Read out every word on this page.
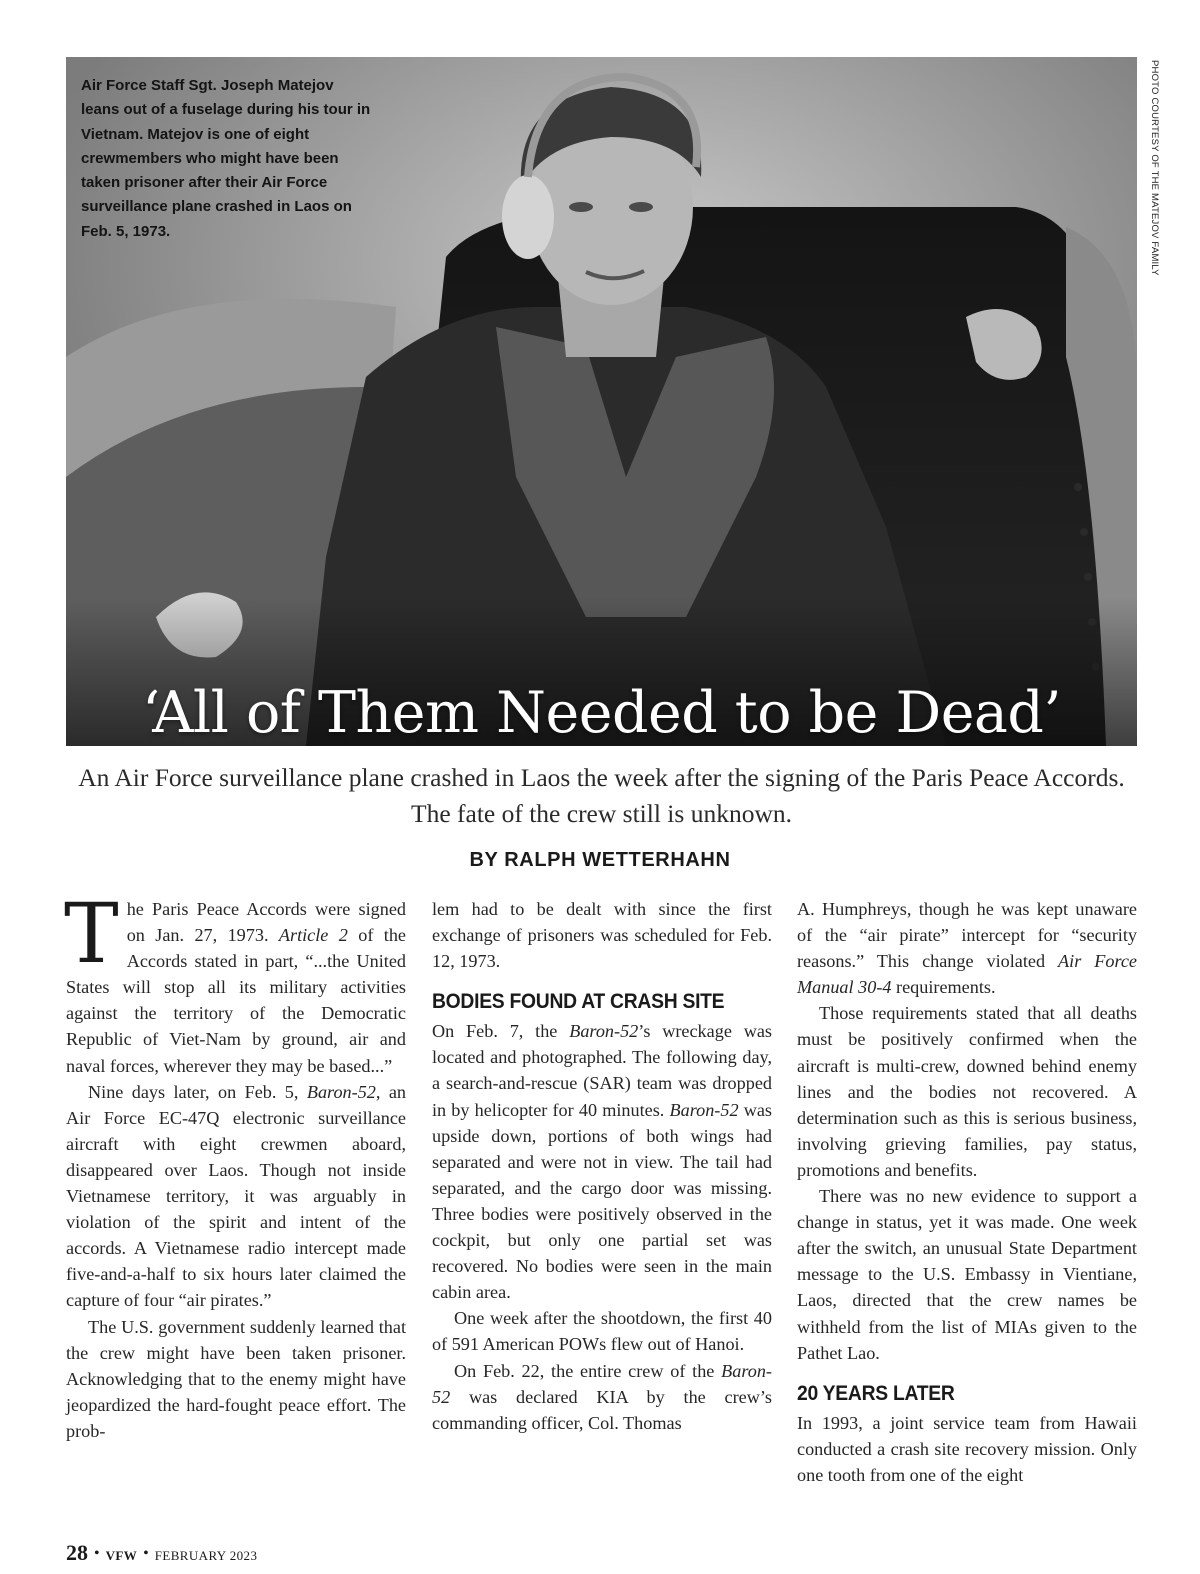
Air Force Staff Sgt. Joseph Matejov leans out of a fuselage during his tour in Vietnam. Matejov is one of eight crewmembers who might have been taken prisoner after their Air Force surveillance plane crashed in Laos on Feb. 5, 1973.

‘All of Them Needed to be Dead’
PHOTO COURTESY OF THE MATEJOV FAMILY

An Air Force surveillance plane crashed in Laos the week after the signing of the Paris Peace Accords. The fate of the crew still is unknown.

BY RALPH WETTERHAHN

The Paris Peace Accords were signed on Jan. 27, 1973. Article 2 of the Accords stated in part, “...the United States will stop all its military activities against the territory of the Democratic Republic of Viet-Nam by ground, air and naval forces, wherever they may be based...”

Nine days later, on Feb. 5, Baron-52, an Air Force EC-47Q electronic surveillance aircraft with eight crewmen aboard, disappeared over Laos. Though not inside Vietnamese territory, it was arguably in violation of the spirit and intent of the accords. A Vietnamese radio intercept made five-and-a-half to six hours later claimed the capture of four “air pirates.”

The U.S. government suddenly learned that the crew might have been taken prisoner. Acknowledging that to the enemy might have jeopardized the hard-fought peace effort. The prob-

lem had to be dealt with since the first exchange of prisoners was scheduled for Feb. 12, 1973.

BODIES FOUND AT CRASH SITE

On Feb. 7, the Baron-52’s wreckage was located and photographed. The following day, a search-and-rescue (SAR) team was dropped in by helicopter for 40 minutes. Baron-52 was upside down, portions of both wings had separated and were not in view. The tail had separated, and the cargo door was missing. Three bodies were positively observed in the cockpit, but only one partial set was recovered. No bodies were seen in the main cabin area.

One week after the shootdown, the first 40 of 591 American POWs flew out of Hanoi.

On Feb. 22, the entire crew of the Baron-52 was declared KIA by the crew’s commanding officer, Col. Thomas

A. Humphreys, though he was kept unaware of the “air pirate” intercept for “security reasons.” This change violated Air Force Manual 30-4 requirements.

Those requirements stated that all deaths must be positively confirmed when the aircraft is multi-crew, downed behind enemy lines and the bodies not recovered. A determination such as this is serious business, involving grieving families, pay status, promotions and benefits.

There was no new evidence to support a change in status, yet it was made. One week after the switch, an unusual State Department message to the U.S. Embassy in Vientiane, Laos, directed that the crew names be withheld from the list of MIAs given to the Pathet Lao.

20 YEARS LATER

In 1993, a joint service team from Hawaii conducted a crash site recovery mission. Only one tooth from one of the eight

28 • VFW • FEBRUARY 2023
